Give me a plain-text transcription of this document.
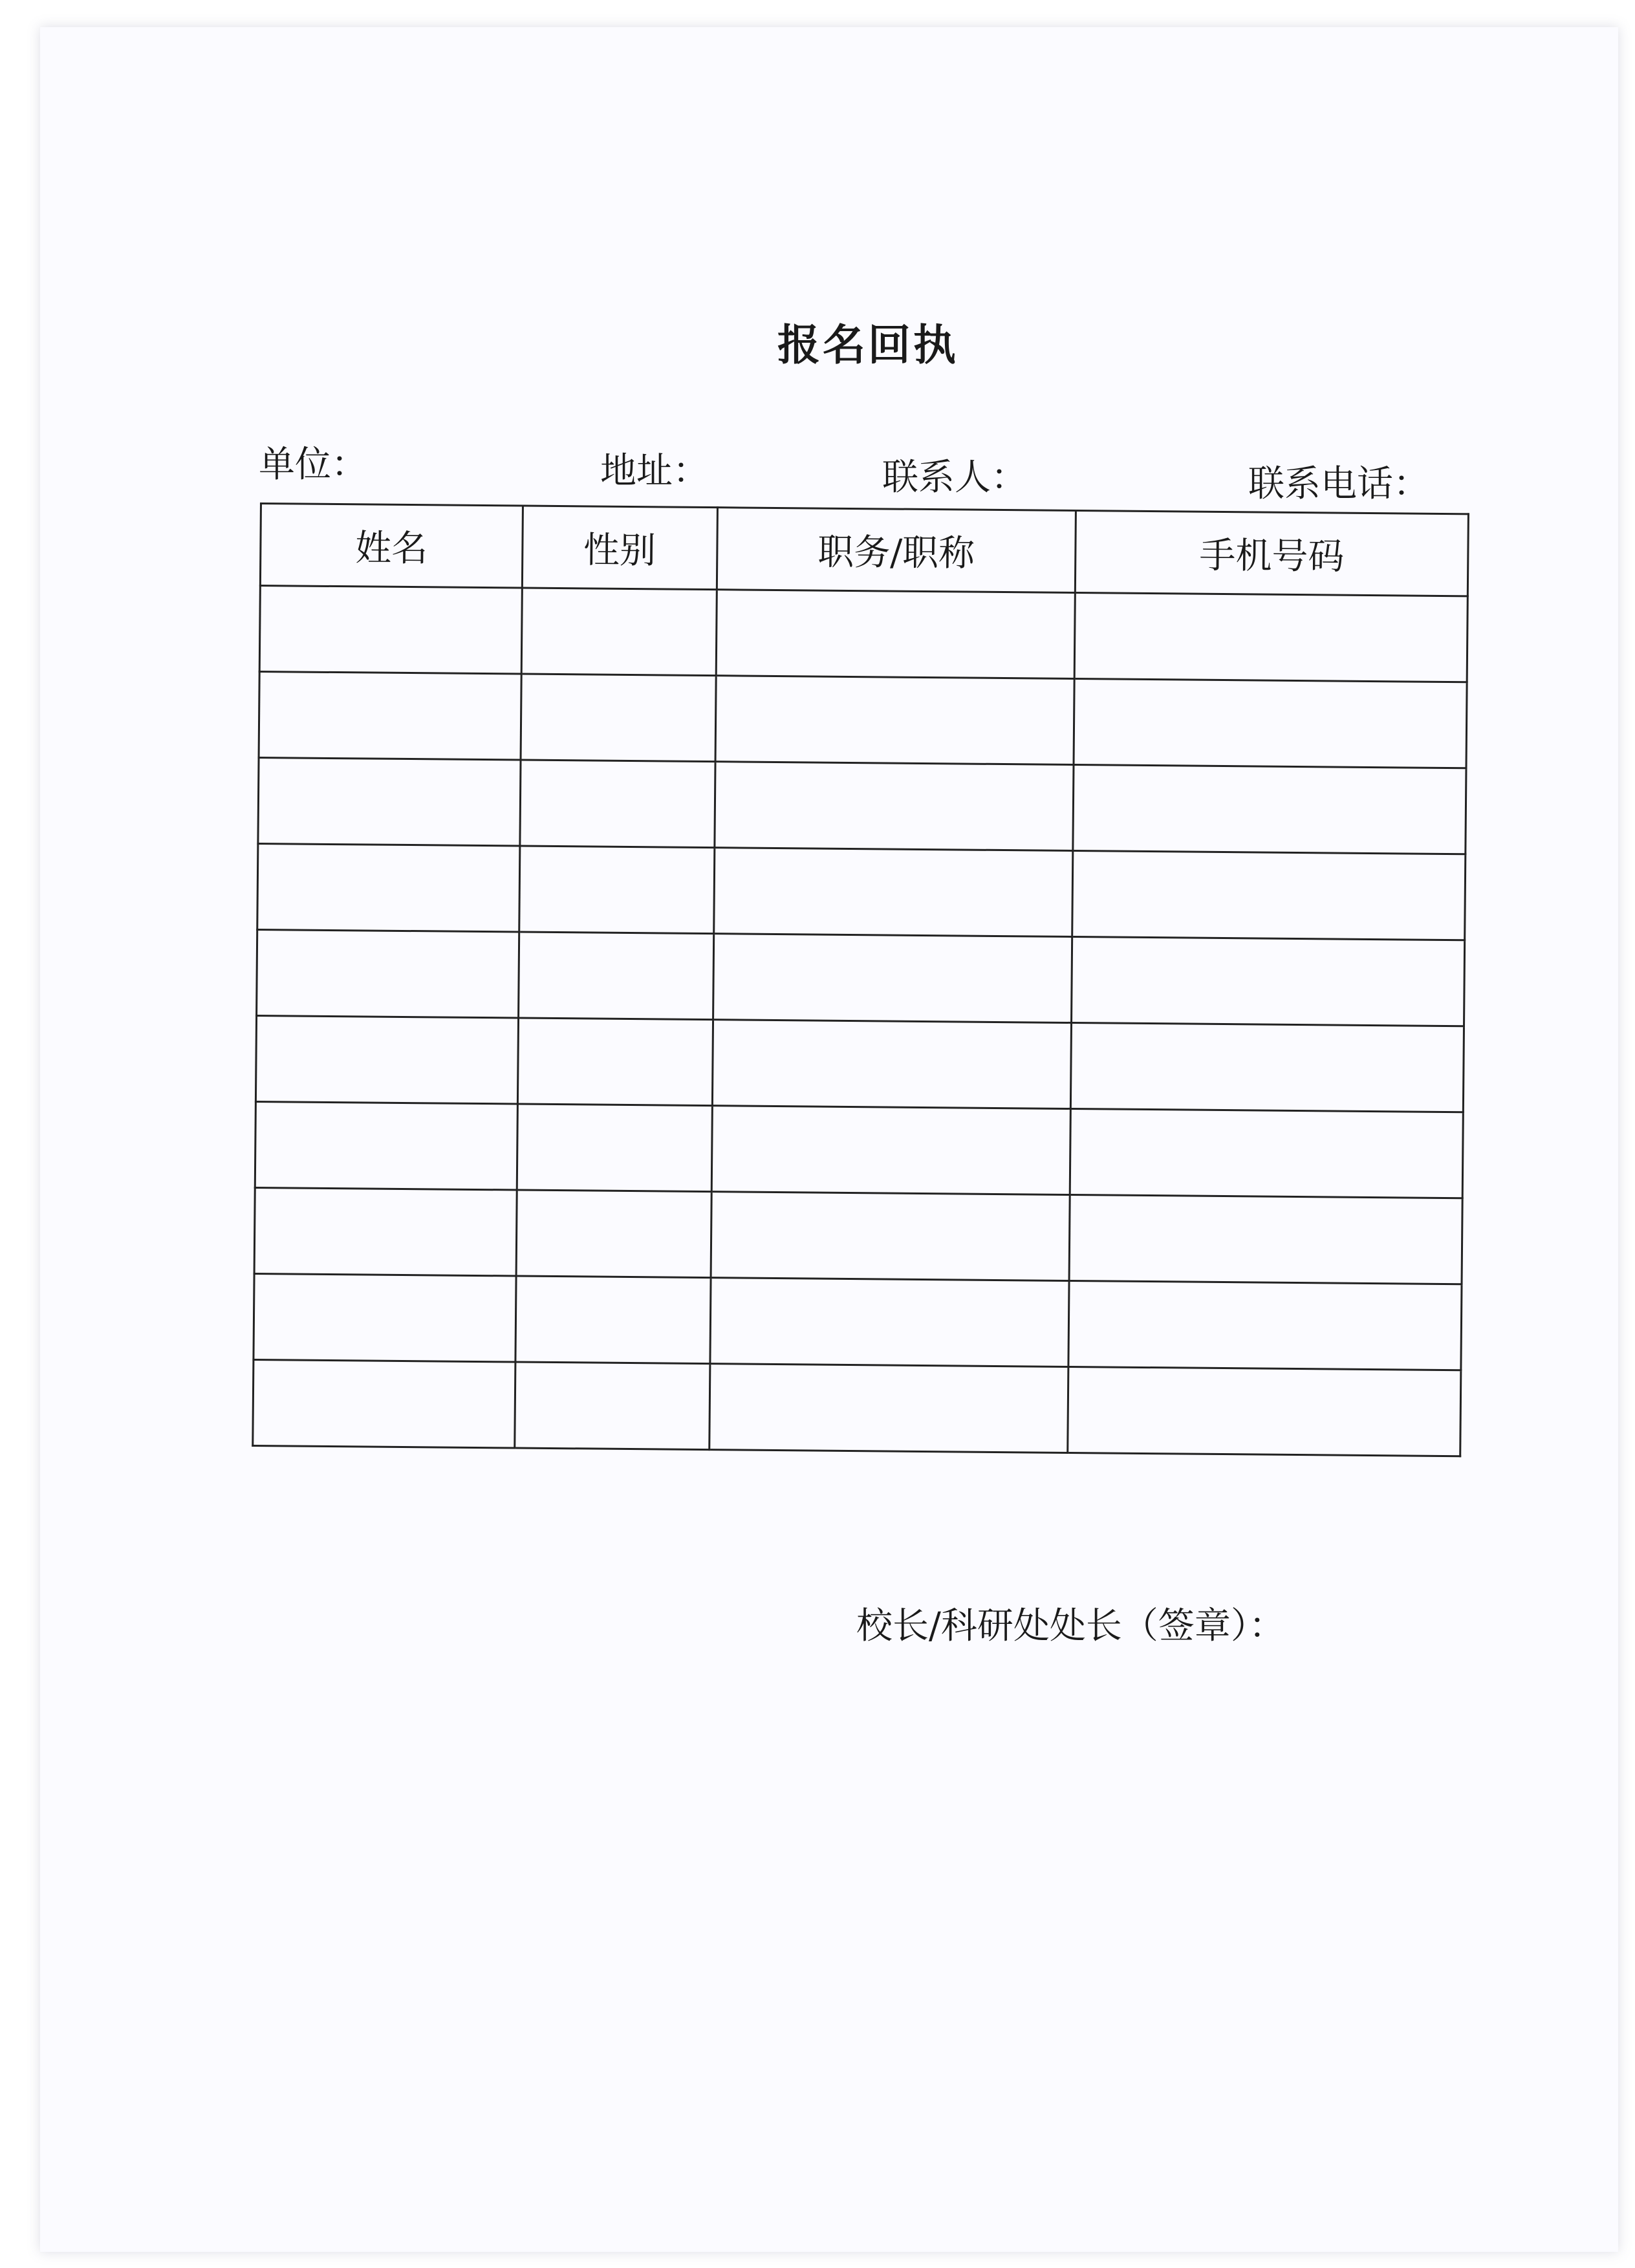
报名回执
单位：	地址：	联系人：	联系电话：
姓名	性别	职务/职称	手机号码

校长/科研处处长（签章）：
